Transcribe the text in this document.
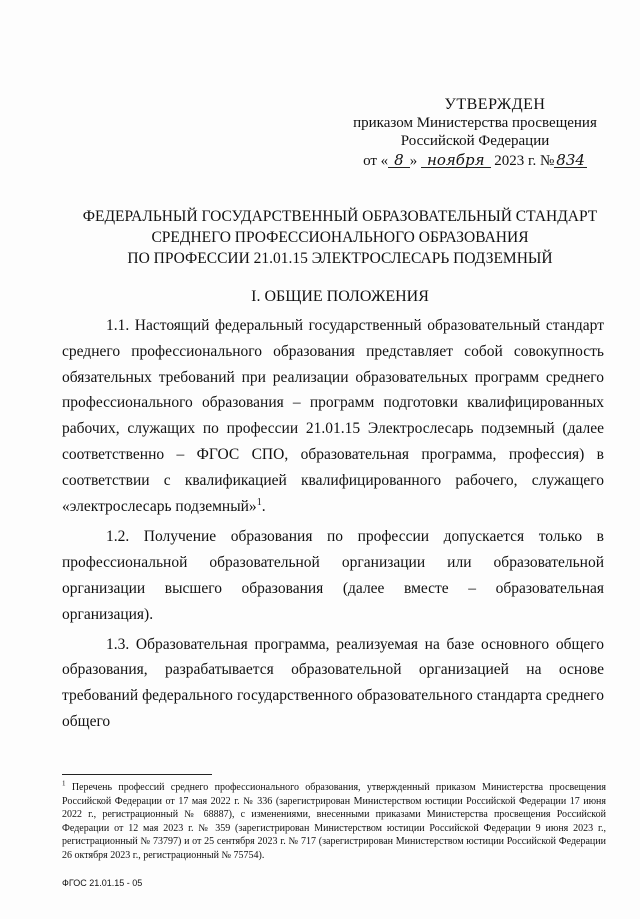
УТВЕРЖДЕН
приказом Министерства просвещения
Российской Федерации
от « 8 » ноября 2023 г. № 834
ФЕДЕРАЛЬНЫЙ ГОСУДАРСТВЕННЫЙ ОБРАЗОВАТЕЛЬНЫЙ СТАНДАРТ
СРЕДНЕГО ПРОФЕССИОНАЛЬНОГО ОБРАЗОВАНИЯ
ПО ПРОФЕССИИ 21.01.15 ЭЛЕКТРОСЛЕСАРЬ ПОДЗЕМНЫЙ
I. ОБЩИЕ ПОЛОЖЕНИЯ

1.1. Настоящий федеральный государственный образовательный стандарт среднего профессионального образования представляет собой совокупность обязательных требований при реализации образовательных программ среднего профессионального образования – программ подготовки квалифицированных рабочих, служащих по профессии 21.01.15 Электрослесарь подземный (далее соответственно – ФГОС СПО, образовательная программа, профессия) в соответствии с квалификацией квалифицированного рабочего, служащего «электрослесарь подземный»$^1$.

1.2. Получение образования по профессии допускается только в профессиональной образовательной организации или образовательной организации высшего образования (далее вместе – образовательная организация).

1.3. Образовательная программа, реализуемая на базе основного общего образования, разрабатывается образовательной организацией на основе требований федерального государственного образовательного стандарта среднего общего

$^1$ Перечень профессий среднего профессионального образования, утвержденный приказом Министерства просвещения Российской Федерации от 17 мая 2022 г. № 336 (зарегистрирован Министерством юстиции Российской Федерации 17 июня 2022 г., регистрационный № 68887), с изменениями, внесенными приказами Министерства просвещения Российской Федерации от 12 мая 2023 г. № 359 (зарегистрирован Министерством юстиции Российской Федерации 9 июня 2023 г., регистрационный № 73797) и от 25 сентября 2023 г. № 717 (зарегистрирован Министерством юстиции Российской Федерации 26 октября 2023 г., регистрационный № 75754).
ФГОС 21.01.15 - 05
